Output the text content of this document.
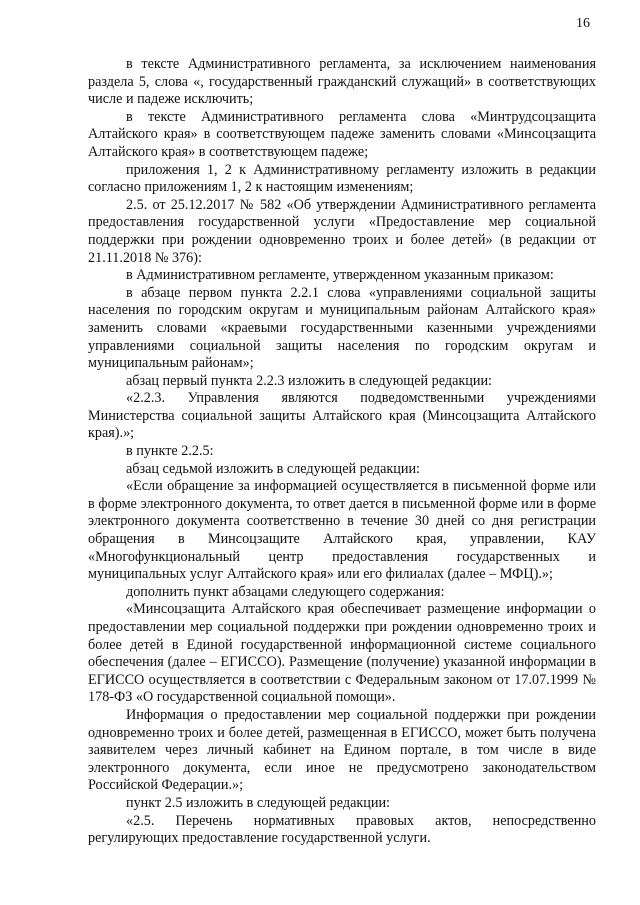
16

в тексте Административного регламента, за исключением наименования раздела 5, слова «, государственный гражданский служащий» в соответствующих числе и падеже исключить;

в тексте Административного регламента слова «Минтрудсоцзащита Алтайского края» в соответствующем падеже заменить словами «Минсоцзащита Алтайского края» в соответствующем падеже;

приложения 1, 2 к Административному регламенту изложить в редакции согласно приложениям 1, 2 к настоящим изменениям;

2.5. от 25.12.2017 № 582 «Об утверждении Административного регламента предоставления государственной услуги «Предоставление мер социальной поддержки при рождении одновременно троих и более детей» (в редакции от 21.11.2018 № 376):

в Административном регламенте, утвержденном указанным приказом:

в абзаце первом пункта 2.2.1 слова «управлениями социальной защиты населения по городским округам и муниципальным районам Алтайского края» заменить словами «краевыми государственными казенными учреждениями управлениями социальной защиты населения по городским округам и муниципальным районам»;

абзац первый пункта 2.2.3 изложить в следующей редакции:

«2.2.3. Управления являются подведомственными учреждениями Министерства социальной защиты Алтайского края (Минсоцзащита Алтайского края).»;

в пункте 2.2.5:

абзац седьмой изложить в следующей редакции:

«Если обращение за информацией осуществляется в письменной форме или в форме электронного документа, то ответ дается в письменной форме или в форме электронного документа соответственно в течение 30 дней со дня регистрации обращения в Минсоцзащите Алтайского края, управлении, КАУ «Многофункциональный центр предоставления государственных и муниципальных услуг Алтайского края» или его филиалах (далее – МФЦ).»;

дополнить пункт абзацами следующего содержания:

«Минсоцзащита Алтайского края обеспечивает размещение информации о предоставлении мер социальной поддержки при рождении одновременно троих и более детей в Единой государственной информационной системе социального обеспечения (далее – ЕГИССО). Размещение (получение) указанной информации в ЕГИССО осуществляется в соответствии с Федеральным законом от 17.07.1999 № 178-ФЗ «О государственной социальной помощи».

Информация о предоставлении мер социальной поддержки при рождении одновременно троих и более детей, размещенная в ЕГИССО, может быть получена заявителем через личный кабинет на Едином портале, в том числе в виде электронного документа, если иное не предусмотрено законодательством Российской Федерации.»;

пункт 2.5 изложить в следующей редакции:

«2.5. Перечень нормативных правовых актов, непосредственно регулирующих предоставление государственной услуги.
